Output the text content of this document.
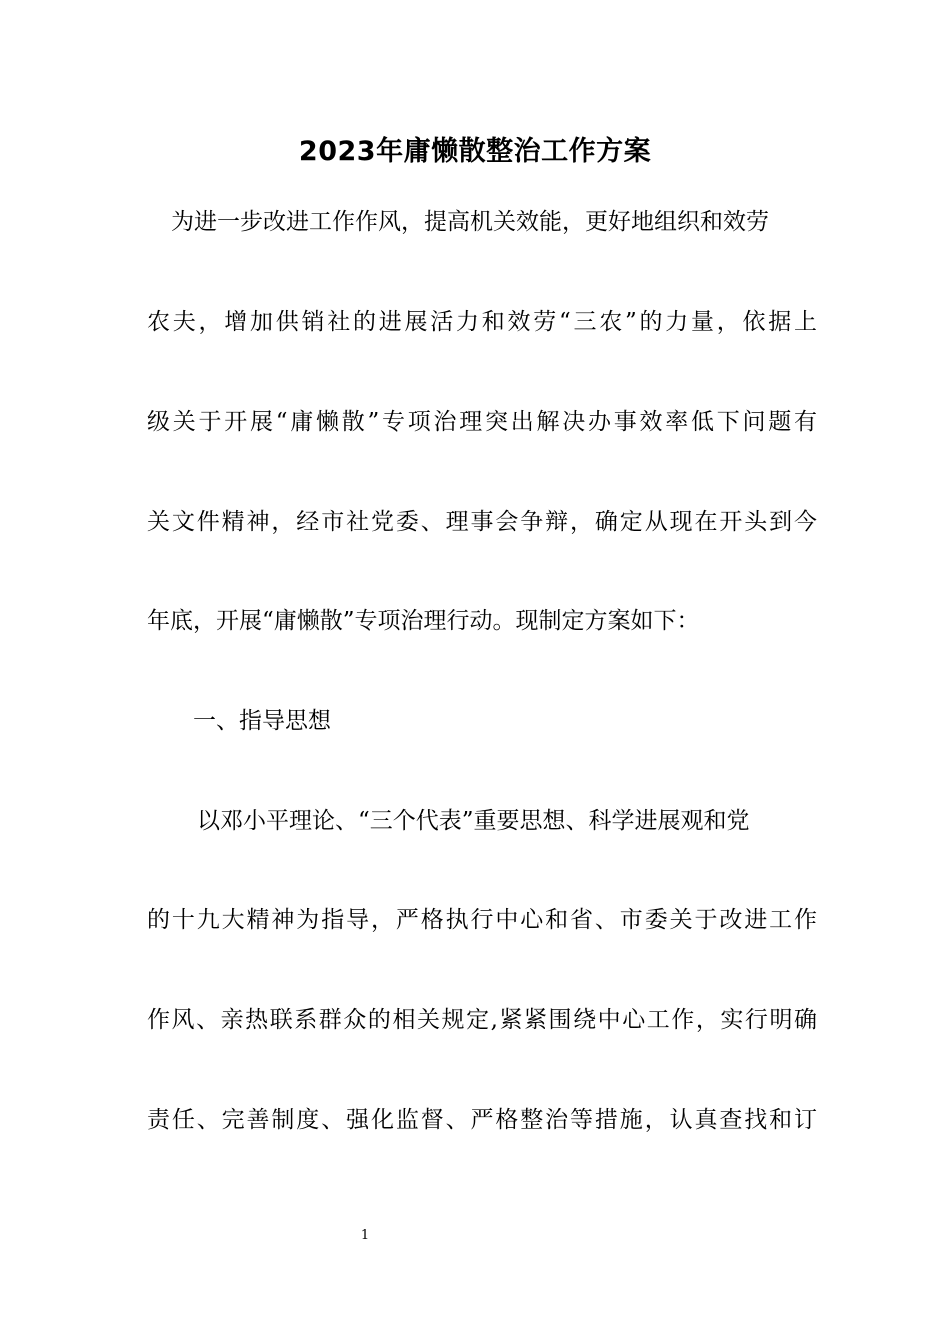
2023年庸懒散整治工作方案
为进一步改进工作作风，提高机关效能，更好地组织和效劳
农夫，增加供销社的进展活力和效劳“三农”的力量，依据上
级关于开展“庸懒散”专项治理突出解决办事效率低下问题有
关文件精神，经市社党委、理事会争辩，确定从现在开头到今
年底，开展“庸懒散”专项治理行动。现制定方案如下：
一、指导思想
以邓小平理论、“三个代表”重要思想、科学进展观和党
的十九大精神为指导，严格执行中心和省、市委关于改进工作
作风、亲热联系群众的相关规定,紧紧围绕中心工作，实行明确
责任、完善制度、强化监督、严格整治等措施，认真查找和订
1
